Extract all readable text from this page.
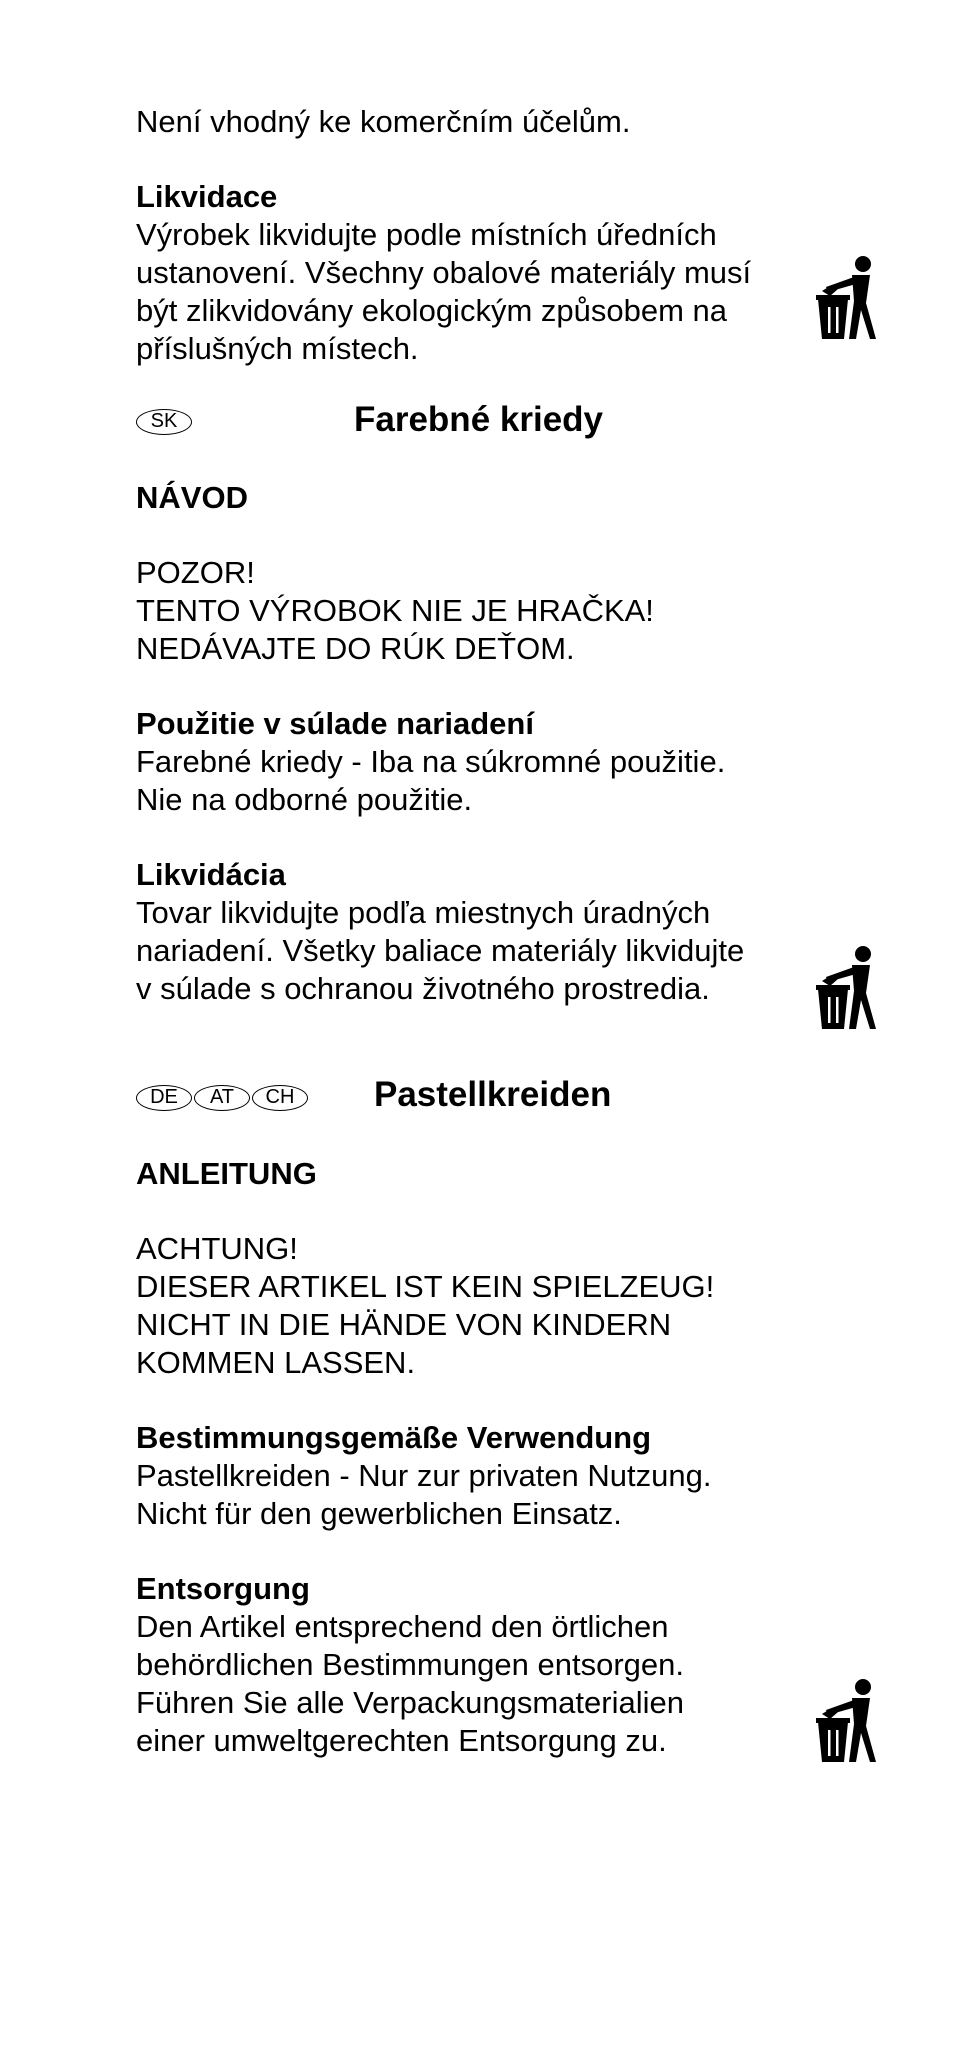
Není vhodný ke komerčním účelům.
Likvidace
Výrobek likvidujte podle místních úředních
ustanovení. Všechny obalové materiály musí
být zlikvidovány ekologickým způsobem na
příslušných místech.
SK	Farebné kriedy
NÁVOD
POZOR!
TENTO VÝROBOK NIE JE HRAČKA!
NEDÁVAJTE DO RÚK DEŤOM.
Použitie v súlade nariadení
Farebné kriedy - Iba na súkromné použitie.
Nie na odborné použitie.
Likvidácia
Tovar likvidujte podľa miestnych úradných
nariadení. Všetky baliace materiály likvidujte
v súlade s ochranou životného prostredia.
DE	AT	CH	Pastellkreiden
ANLEITUNG
ACHTUNG!
DIESER ARTIKEL IST KEIN SPIELZEUG!
NICHT IN DIE HÄNDE VON KINDERN
KOMMEN LASSEN.
Bestimmungsgemäße Verwendung
Pastellkreiden - Nur zur privaten Nutzung.
Nicht für den gewerblichen Einsatz.
Entsorgung
Den Artikel entsprechend den örtlichen
behördlichen Bestimmungen entsorgen.
Führen Sie alle Verpackungsmaterialien
einer umweltgerechten Entsorgung zu.
